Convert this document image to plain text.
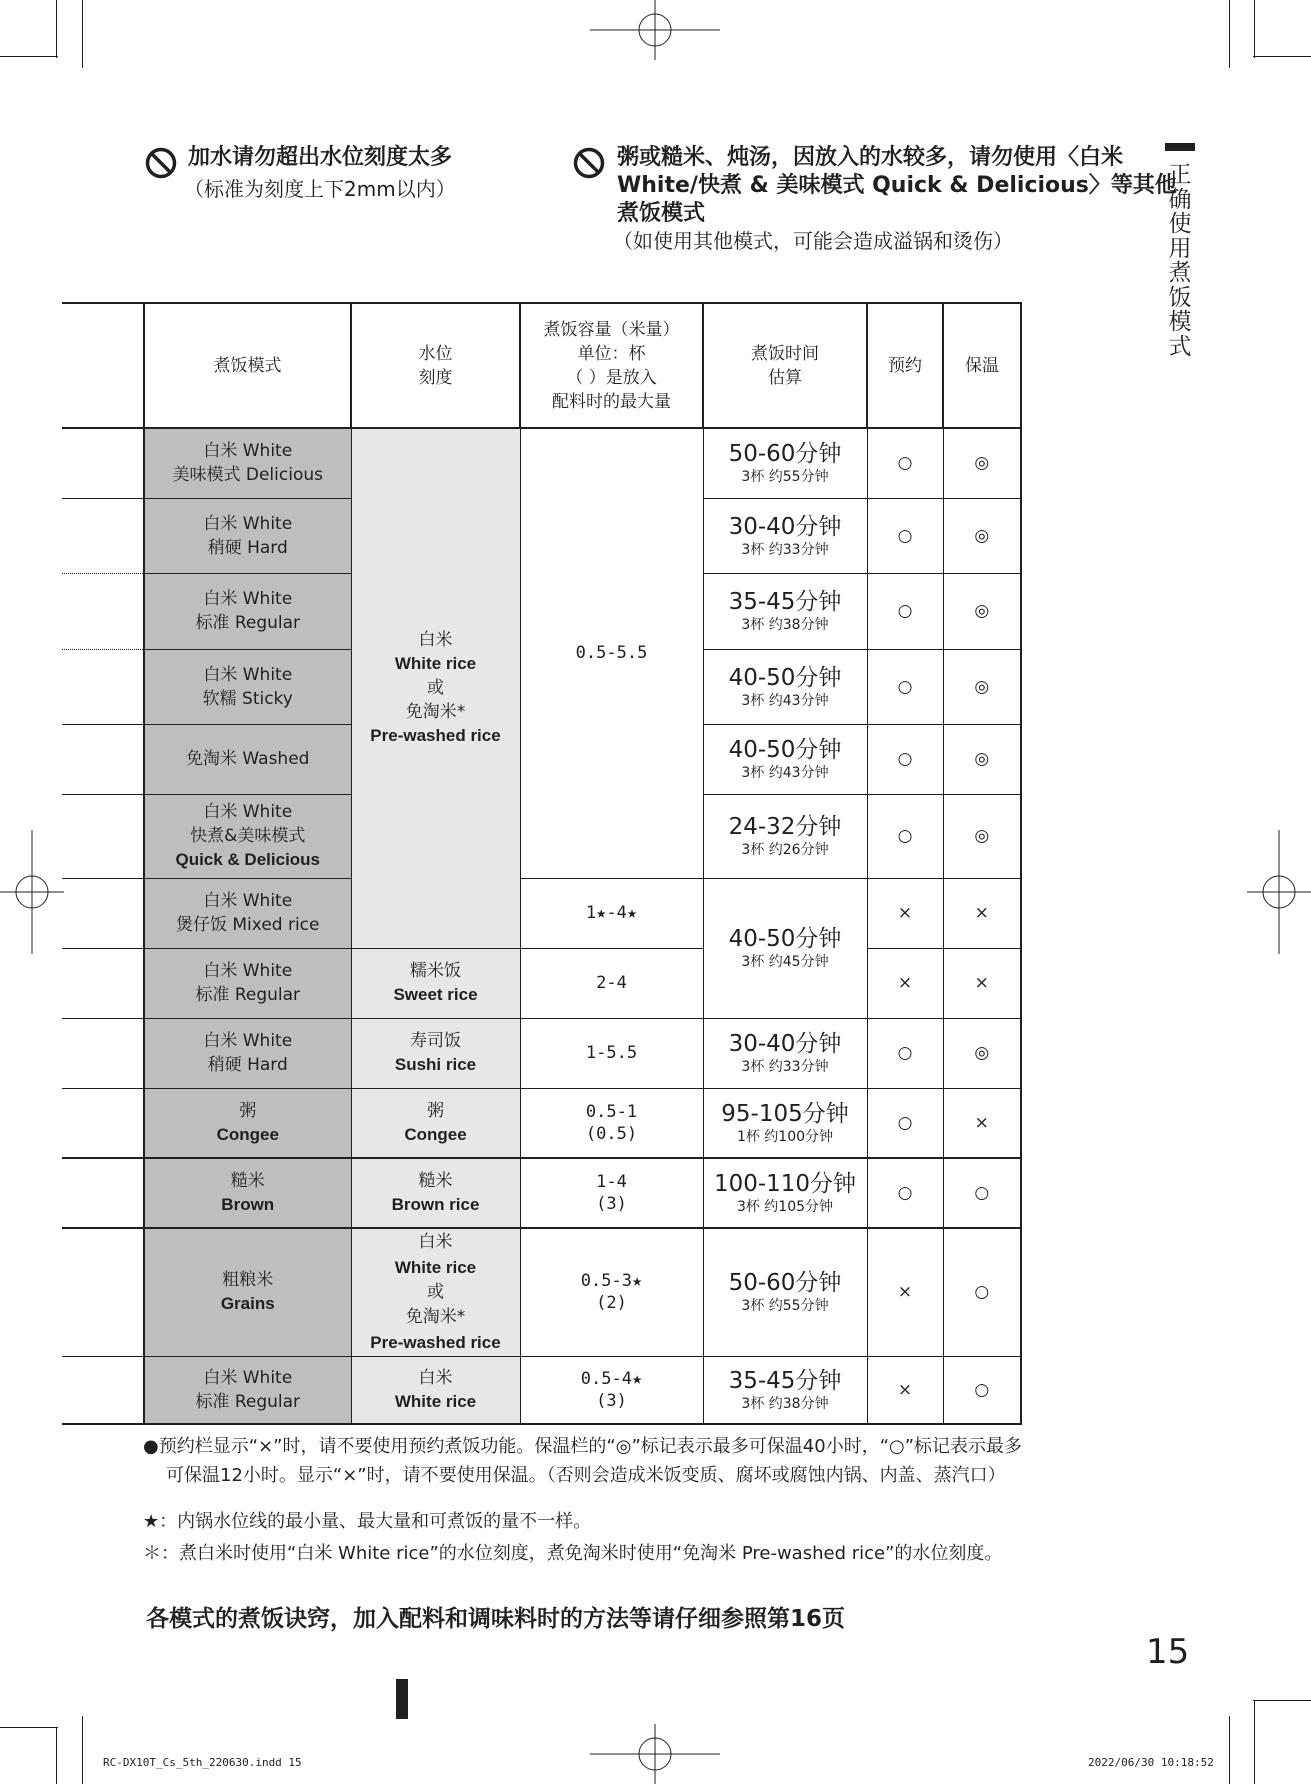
加水请勿超出水位刻度太多
（标准为刻度上下2mm以内）
粥或糙米、炖汤，因放入的水较多，请勿使用〈白米
White/快煮 & 美味模式 Quick & Delicious〉等其他
煮饭模式
（如使用其他模式，可能会造成溢锅和烫伤）
正确使用煮饭模式
	煮饭模式	水位
刻度	煮饭容量（米量）
单位：杯
（ ）是放入
配料时的最大量	煮饭时间
估算	预约	保温

	白米 White
美味模式 Delicious	白米
White rice
或
免淘米*
Pre-washed rice	0.5-5.5	50-60分钟
3杯 约55分钟	○	◎

	白米 White
稍硬 Hard			30-40分钟
3杯 约33分钟	○	◎

	白米 White
标准 Regular			35-45分钟
3杯 约38分钟	○	◎

	白米 White
软糯 Sticky			40-50分钟
3杯 约43分钟	○	◎

	免淘米 Washed			40-50分钟
3杯 约43分钟	○	◎

	白米 White
快煮&美味模式
Quick & Delicious			24-32分钟
3杯 约26分钟	○	◎

	白米 White
煲仔饭 Mixed rice		1★-4★	40-50分钟
3杯 约45分钟	×	×

	白米 White
标准 Regular	糯米饭
Sweet rice	2-4		×	×

	白米 White
稍硬 Hard	寿司饭
Sushi rice	1-5.5	30-40分钟
3杯 约33分钟	○	◎

	粥
Congee	粥
Congee	0.5-1
(0.5)	95-105分钟
1杯 约100分钟	○	×

	糙米
Brown	糙米
Brown rice	1-4
(3)	100-110分钟
3杯 约105分钟	○	○

	粗粮米
Grains	白米
White rice
或
免淘米*
Pre-washed rice	0.5-3★
(2)	50-60分钟
3杯 约55分钟	×	○

	白米 White
标准 Regular	白米
White rice	0.5-4★
(3)	35-45分钟
3杯 约38分钟	×	○
●预约栏显示“×”时，请不要使用预约煮饭功能。保温栏的“◎”标记表示最多可保温40小时，“○”标记表示最多
可保温12小时。显示“×”时，请不要使用保温。（否则会造成米饭变质、腐坏或腐蚀内锅、内盖、蒸汽口）
★：内锅水位线的最小量、最大量和可煮饭的量不一样。
＊：煮白米时使用“白米 White rice”的水位刻度，煮免淘米时使用“免淘米 Pre-washed rice”的水位刻度。
各模式的煮饭诀窍，加入配料和调味料时的方法等请仔细参照第16页
15
RC-DX10T_Cs_5th_220630.indd 15	2022/06/30 10:18:52
